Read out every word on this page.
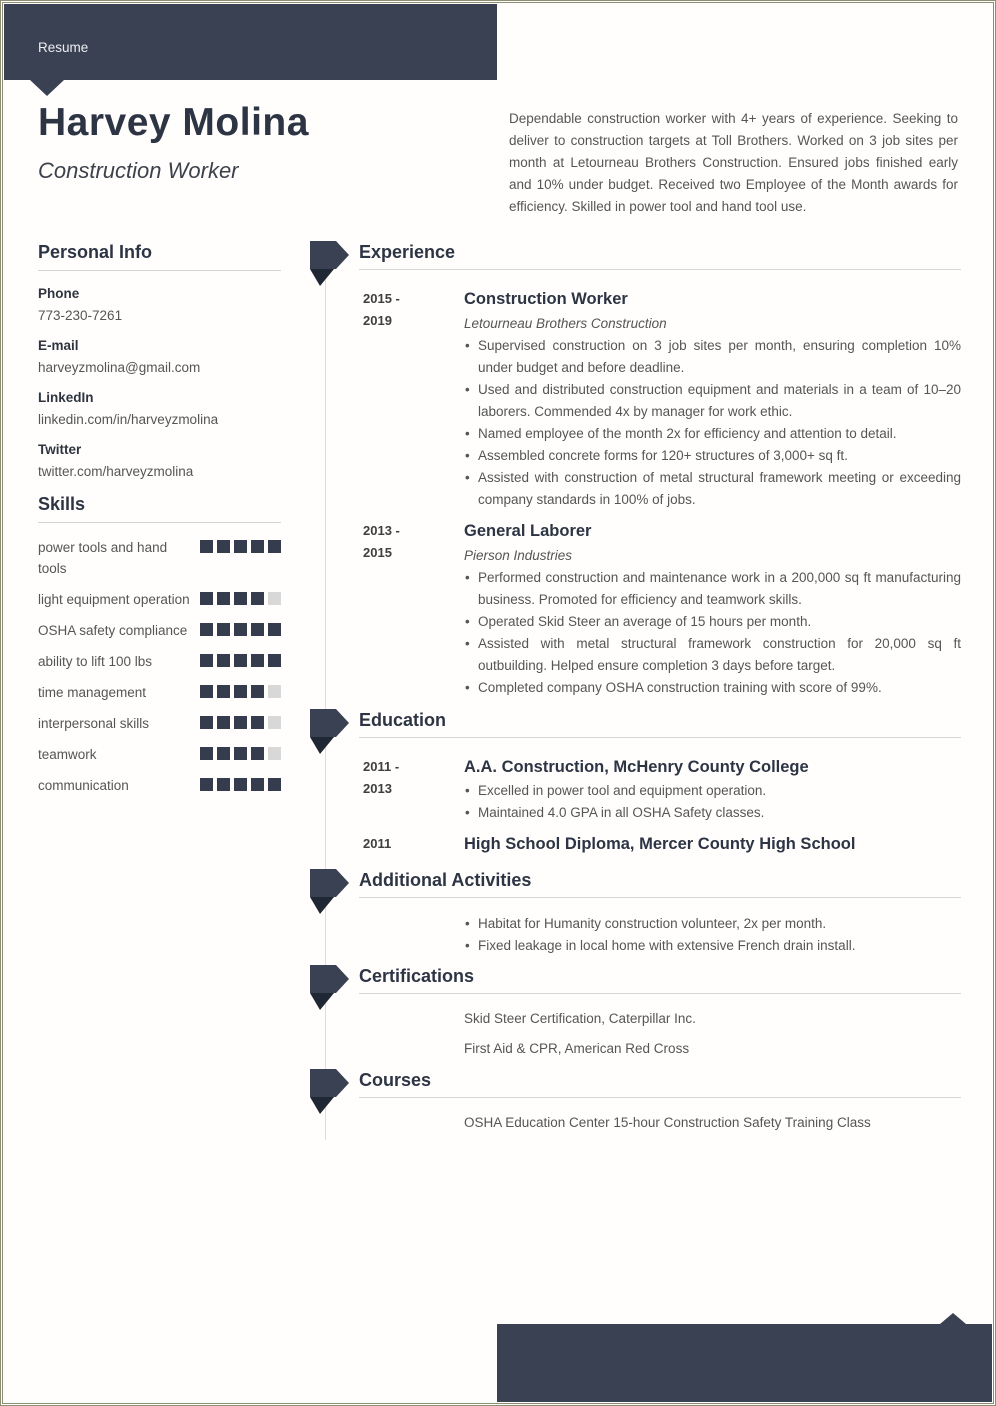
Resume
Harvey Molina
Construction Worker
Dependable construction worker with 4+ years of experience. Seeking to deliver to construction targets at Toll Brothers. Worked on 3 job sites per month at Letourneau Brothers Construction. Ensured jobs finished early and 10% under budget. Received two Employee of the Month awards for efficiency. Skilled in power tool and hand tool use.
Personal Info
Phone
773-230-7261
E-mail
harveyzmolina@gmail.com
LinkedIn
linkedin.com/in/harveyzmolina
Twitter
twitter.com/harveyzmolina
Skills
power tools and hand tools
light equipment operation
OSHA safety compliance
ability to lift 100 lbs
time management
interpersonal skills
teamwork
communication
Experience
2015 -
2019
Construction Worker
Letourneau Brothers Construction
• Supervised construction on 3 job sites per month, ensuring completion 10% under budget and before deadline.
• Used and distributed construction equipment and materials in a team of 10–20 laborers. Commended 4x by manager for work ethic.
• Named employee of the month 2x for efficiency and attention to detail.
• Assembled concrete forms for 120+ structures of 3,000+ sq ft.
• Assisted with construction of metal structural framework meeting or exceeding company standards in 100% of jobs.
2013 -
2015
General Laborer
Pierson Industries
• Performed construction and maintenance work in a 200,000 sq ft manufacturing business. Promoted for efficiency and teamwork skills.
• Operated Skid Steer an average of 15 hours per month.
• Assisted with metal structural framework construction for 20,000 sq ft outbuilding. Helped ensure completion 3 days before target.
• Completed company OSHA construction training with score of 99%.
Education
2011 -
2013
A.A. Construction, McHenry County College
• Excelled in power tool and equipment operation.
• Maintained 4.0 GPA in all OSHA Safety classes.
2011	High School Diploma, Mercer County High School
Additional Activities
• Habitat for Humanity construction volunteer, 2x per month.
• Fixed leakage in local home with extensive French drain install.
Certifications
Skid Steer Certification, Caterpillar Inc.
First Aid & CPR, American Red Cross
Courses
OSHA Education Center 15-hour Construction Safety Training Class
